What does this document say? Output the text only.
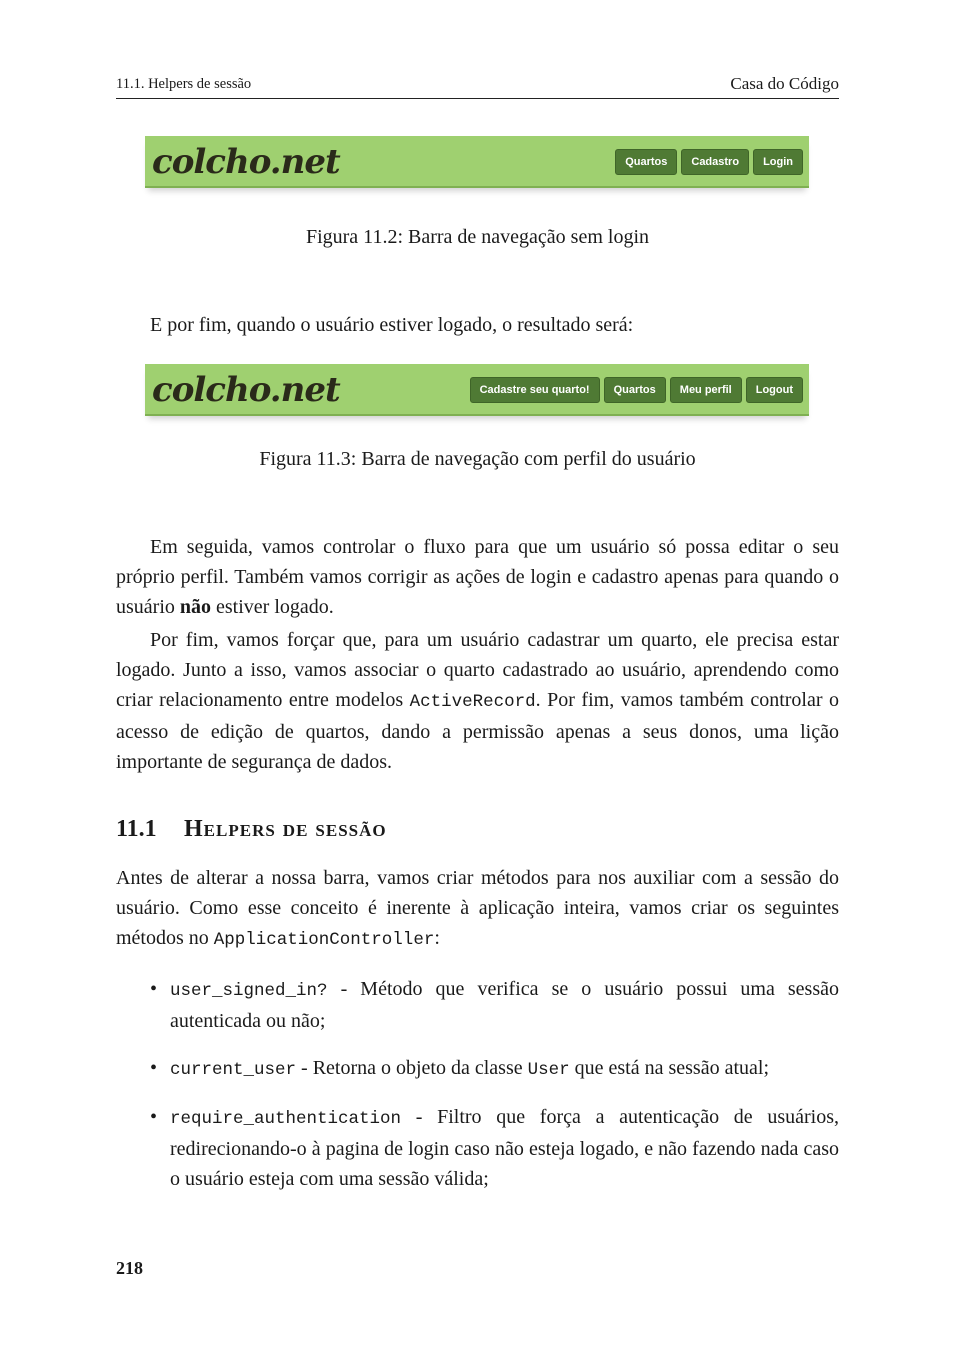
11.1. Helpers de sessão	Casa do Código
colcho.net	Quartos	Cadastro	Login
Figura 11.2: Barra de navegação sem login
E por fim, quando o usuário estiver logado, o resultado será:
colcho.net	Cadastre seu quarto!	Quartos	Meu perfil	Logout
Figura 11.3: Barra de navegação com perfil do usuário
Em seguida, vamos controlar o fluxo para que um usuário só possa editar o seu próprio perfil. Também vamos corrigir as ações de login e cadastro apenas para quando o usuário não estiver logado.
Por fim, vamos forçar que, para um usuário cadastrar um quarto, ele precisa estar logado. Junto a isso, vamos associar o quarto cadastrado ao usuário, aprendendo como criar relacionamento entre modelos ActiveRecord. Por fim, vamos também controlar o acesso de edição de quartos, dando a permissão apenas a seus donos, uma lição importante de segurança de dados.
11.1 Helpers de sessão
Antes de alterar a nossa barra, vamos criar métodos para nos auxiliar com a sessão do usuário. Como esse conceito é inerente à aplicação inteira, vamos criar os seguintes métodos no ApplicationController:
• user_signed_in? - Método que verifica se o usuário possui uma sessão autenticada ou não;
• current_user - Retorna o objeto da classe User que está na sessão atual;
• require_authentication - Filtro que força a autenticação de usuários, redirecionando-o à pagina de login caso não esteja logado, e não fazendo nada caso o usuário esteja com uma sessão válida;
218
